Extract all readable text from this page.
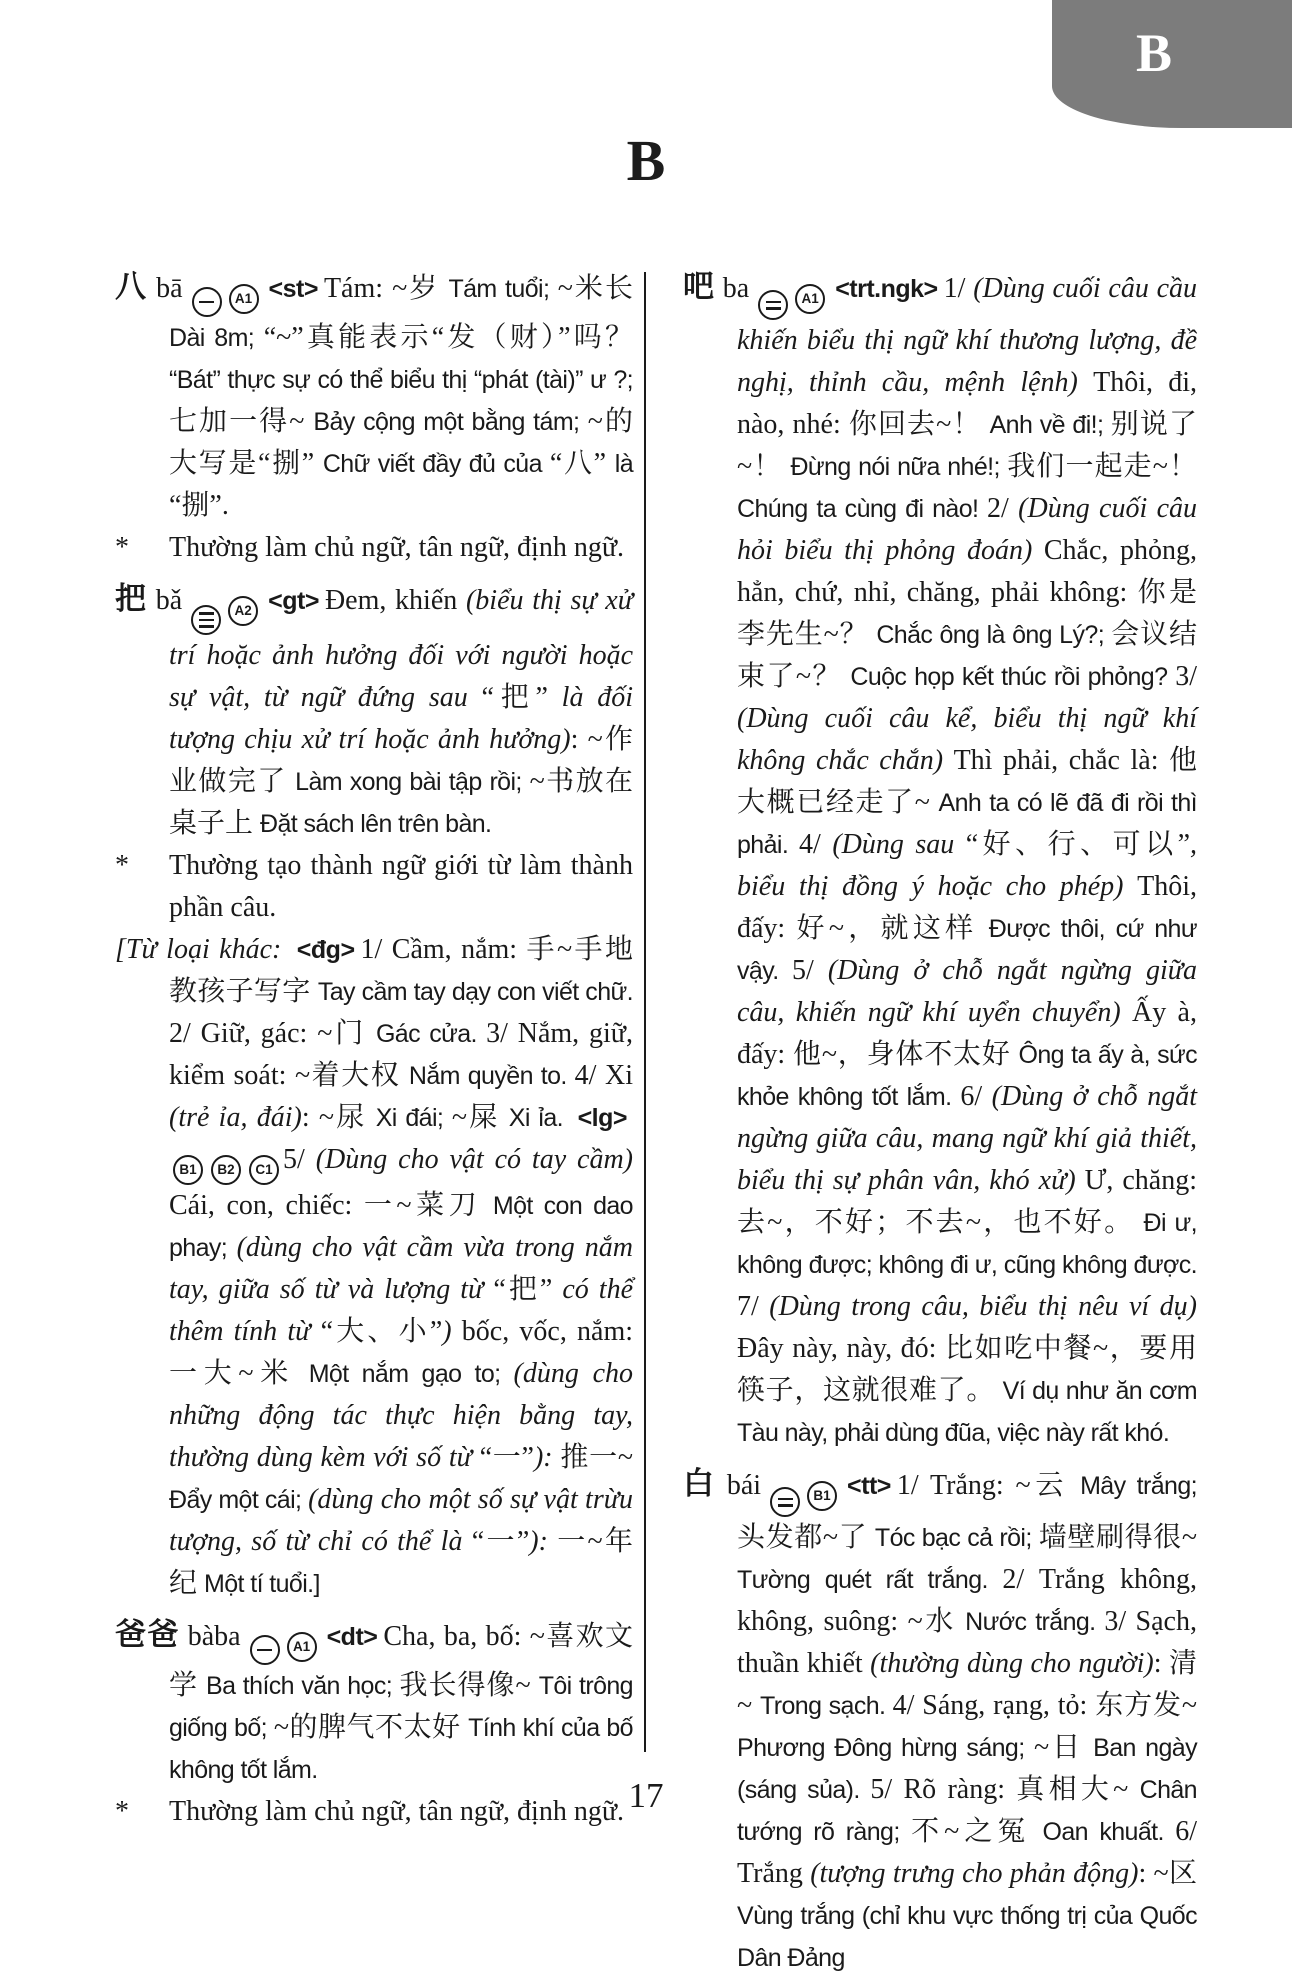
B
B

八 bā	A1 <st> Tám: ~岁 Tám tuổi; ~米长 Dài 8m; “~”真能表示“发（财）”吗？ “Bát” thực sự có thể biểu thị “phát (tài)” ư ?; 七加一得~ Bảy cộng một bằng tám; ~的大写是“捌” Chữ viết đầy đủ của “八” là “捌”.

* Thường làm chủ ngữ, tân ngữ, định ngữ.

把 bǎ	A2 <gt> Đem, khiến (biểu thị sự xử trí hoặc ảnh hưởng đối với người hoặc sự vật, từ ngữ đứng sau “把” là đối tượng chịu xử trí hoặc ảnh hưởng): ~作业做完了 Làm xong bài tập rồi; ~书放在桌子上 Đặt sách lên trên bàn.

* Thường tạo thành ngữ giới từ làm thành phần câu.

[Từ loại khác: <đg> 1/ Cầm, nắm: 手~手地教孩子写字 Tay cầm tay dạy con viết chữ. 2/ Giữ, gác: ~门 Gác cửa. 3/ Nắm, giữ, kiểm soát: ~着大权 Nắm quyền to. 4/ Xi (trẻ ỉa, đái): ~尿 Xi đái; ~屎 Xi ỉa. <lg>B1 B2 C1 5/ (Dùng cho vật có tay cầm) Cái, con, chiếc: 一~菜刀 Một con dao phay; (dùng cho vật cầm vừa trong nắm tay, giữa số từ và lượng từ “把” có thể thêm tính từ “大、小”) bốc, vốc, nắm: 一大~米 Một nắm gạo to; (dùng cho những động tác thực hiện bằng tay, thường dùng kèm với số từ “一”): 推一~ Đẩy một cái; (dùng cho một số sự vật trừu tượng, số từ chỉ có thể là “一”): 一~年纪 Một tí tuổi.]

爸爸 bàba	A1 <dt> Cha, ba, bố: ~喜欢文学 Ba thích văn học; 我长得像~ Tôi trông giống bố; ~的脾气不太好 Tính khí của bố không tốt lắm.

* Thường làm chủ ngữ, tân ngữ, định ngữ.

吧 ba	A1 <trt.ngk> 1/ (Dùng cuối câu cầu khiến biểu thị ngữ khí thương lượng, đề nghị, thỉnh cầu, mệnh lệnh) Thôi, đi, nào, nhé: 你回去~！ Anh về đi!; 别说了~！ Đừng nói nữa nhé!; 我们一起走~！ Chúng ta cùng đi nào! 2/ (Dùng cuối câu hỏi biểu thị phỏng đoán) Chắc, phỏng, hẳn, chứ, nhỉ, chăng, phải không: 你是李先生~？ Chắc ông là ông Lý?; 会议结束了~？ Cuộc họp kết thúc rồi phỏng? 3/ (Dùng cuối câu kể, biểu thị ngữ khí không chắc chắn) Thì phải, chắc là: 他大概已经走了~ Anh ta có lẽ đã đi rồi thì phải. 4/ (Dùng sau “好、行、可以”, biểu thị đồng ý hoặc cho phép) Thôi, đấy: 好~，就这样 Được thôi, cứ như vậy. 5/ (Dùng ở chỗ ngắt ngừng giữa câu, khiến ngữ khí uyển chuyển) Ấy à, đấy: 他~，身体不太好 Ông ta ấy à, sức khỏe không tốt lắm. 6/ (Dùng ở chỗ ngắt ngừng giữa câu, mang ngữ khí giả thiết, biểu thị sự phân vân, khó xử) Ư, chăng: 去~，不好；不去~，也不好。 Đi ư, không được; không đi ư, cũng không được. 7/ (Dùng trong câu, biểu thị nêu ví dụ) Đây này, này, đó: 比如吃中餐~，要用筷子，这就很难了。 Ví dụ như ăn cơm Tàu này, phải dùng đũa, việc này rất khó.

白 bái	B1 <tt> 1/ Trắng: ~云 Mây trắng; 头发都~了 Tóc bạc cả rồi; 墙壁刷得很~ Tường quét rất trắng. 2/ Trắng không, không, suông: ~水 Nước trắng. 3/ Sạch, thuần khiết (thường dùng cho người): 清~ Trong sạch. 4/ Sáng, rạng, tỏ: 东方发~ Phương Đông hừng sáng; ~日 Ban ngày (sáng sủa). 5/ Rõ ràng: 真相大~ Chân tướng rõ ràng; 不~之冤 Oan khuất. 6/ Trắng (tượng trưng cho phản động): ~区 Vùng trắng (chỉ khu vực thống trị của Quốc Dân Đảng

17
